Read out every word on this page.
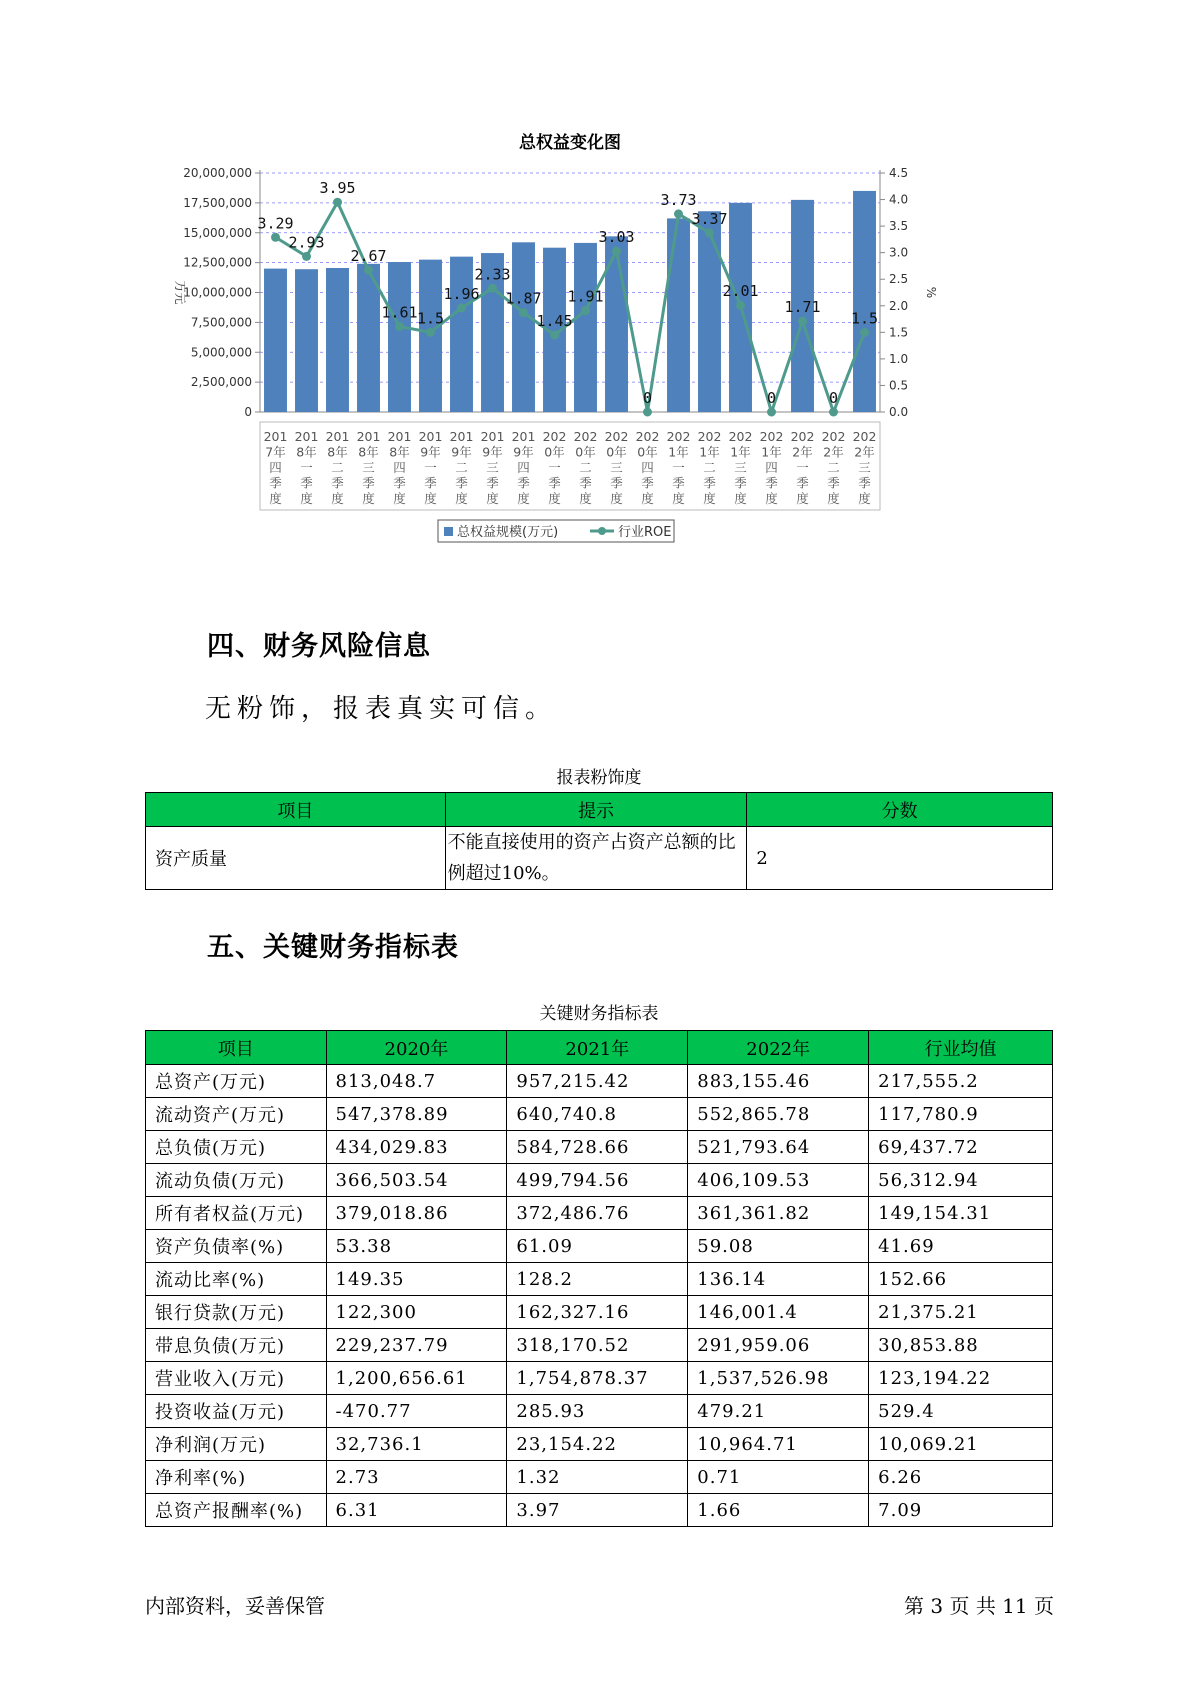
总权益变化图
0
2,500,000
5,000,000
7,500,000
10,000,000
12,500,000
15,000,000
17,500,000
20,000,000
0.0
0.5
1.0
1.5
2.0
2.5
3.0
3.5
4.0
4.5
万元	%
3.29
2.93
3.95
2.67
1.61 1.5
1.96
2.33
1.87
1.45
1.91
3.03
0
3.73
3.37
2.01
0
1.71
0
1.5
201
7年
四
季
度
201
8年
一
季
度
201
8年
二
季
度
201
8年
三
季
度
201
8年
四
季
度
201
9年
一
季
度
201
9年
二
季
度
201
9年
三
季
度
201
9年
四
季
度
202
0年
一
季
度
202
0年
二
季
度
202
0年
三
季
度
202
0年
四
季
度
202
1年
一
季
度
202
1年
二
季
度
202
1年
三
季
度
202
1年
四
季
度
202
2年
一
季
度
202
2年
二
季
度
202
2年
三
季
度
总权益规模(万元)	行业ROE
四、财务风险信息

无粉饰，报表真实可信。

报表粉饰度
项目	提示	分数
资产质量	不能直接使用的资产占资产总额的比例超过10%。	2
五、关键财务指标表
关键财务指标表
项目	2020年	2021年	2022年	行业均值
总资产(万元)	813,048.7	957,215.42	883,155.46	217,555.2
流动资产(万元)	547,378.89	640,740.8	552,865.78	117,780.9
总负债(万元)	434,029.83	584,728.66	521,793.64	69,437.72
流动负债(万元)	366,503.54	499,794.56	406,109.53	56,312.94
所有者权益(万元)	379,018.86	372,486.76	361,361.82	149,154.31
资产负债率(%)	53.38	61.09	59.08	41.69
流动比率(%)	149.35	128.2	136.14	152.66
银行贷款(万元)	122,300	162,327.16	146,001.4	21,375.21
带息负债(万元)	229,237.79	318,170.52	291,959.06	30,853.88
营业收入(万元)	1,200,656.61	1,754,878.37	1,537,526.98	123,194.22
投资收益(万元)	-470.77	285.93	479.21	529.4
净利润(万元)	32,736.1	23,154.22	10,964.71	10,069.21
净利率(%)	2.73	1.32	0.71	6.26
总资产报酬率(%)	6.31	3.97	1.66	7.09
内部资料，妥善保管	第 3 页 共 11 页
